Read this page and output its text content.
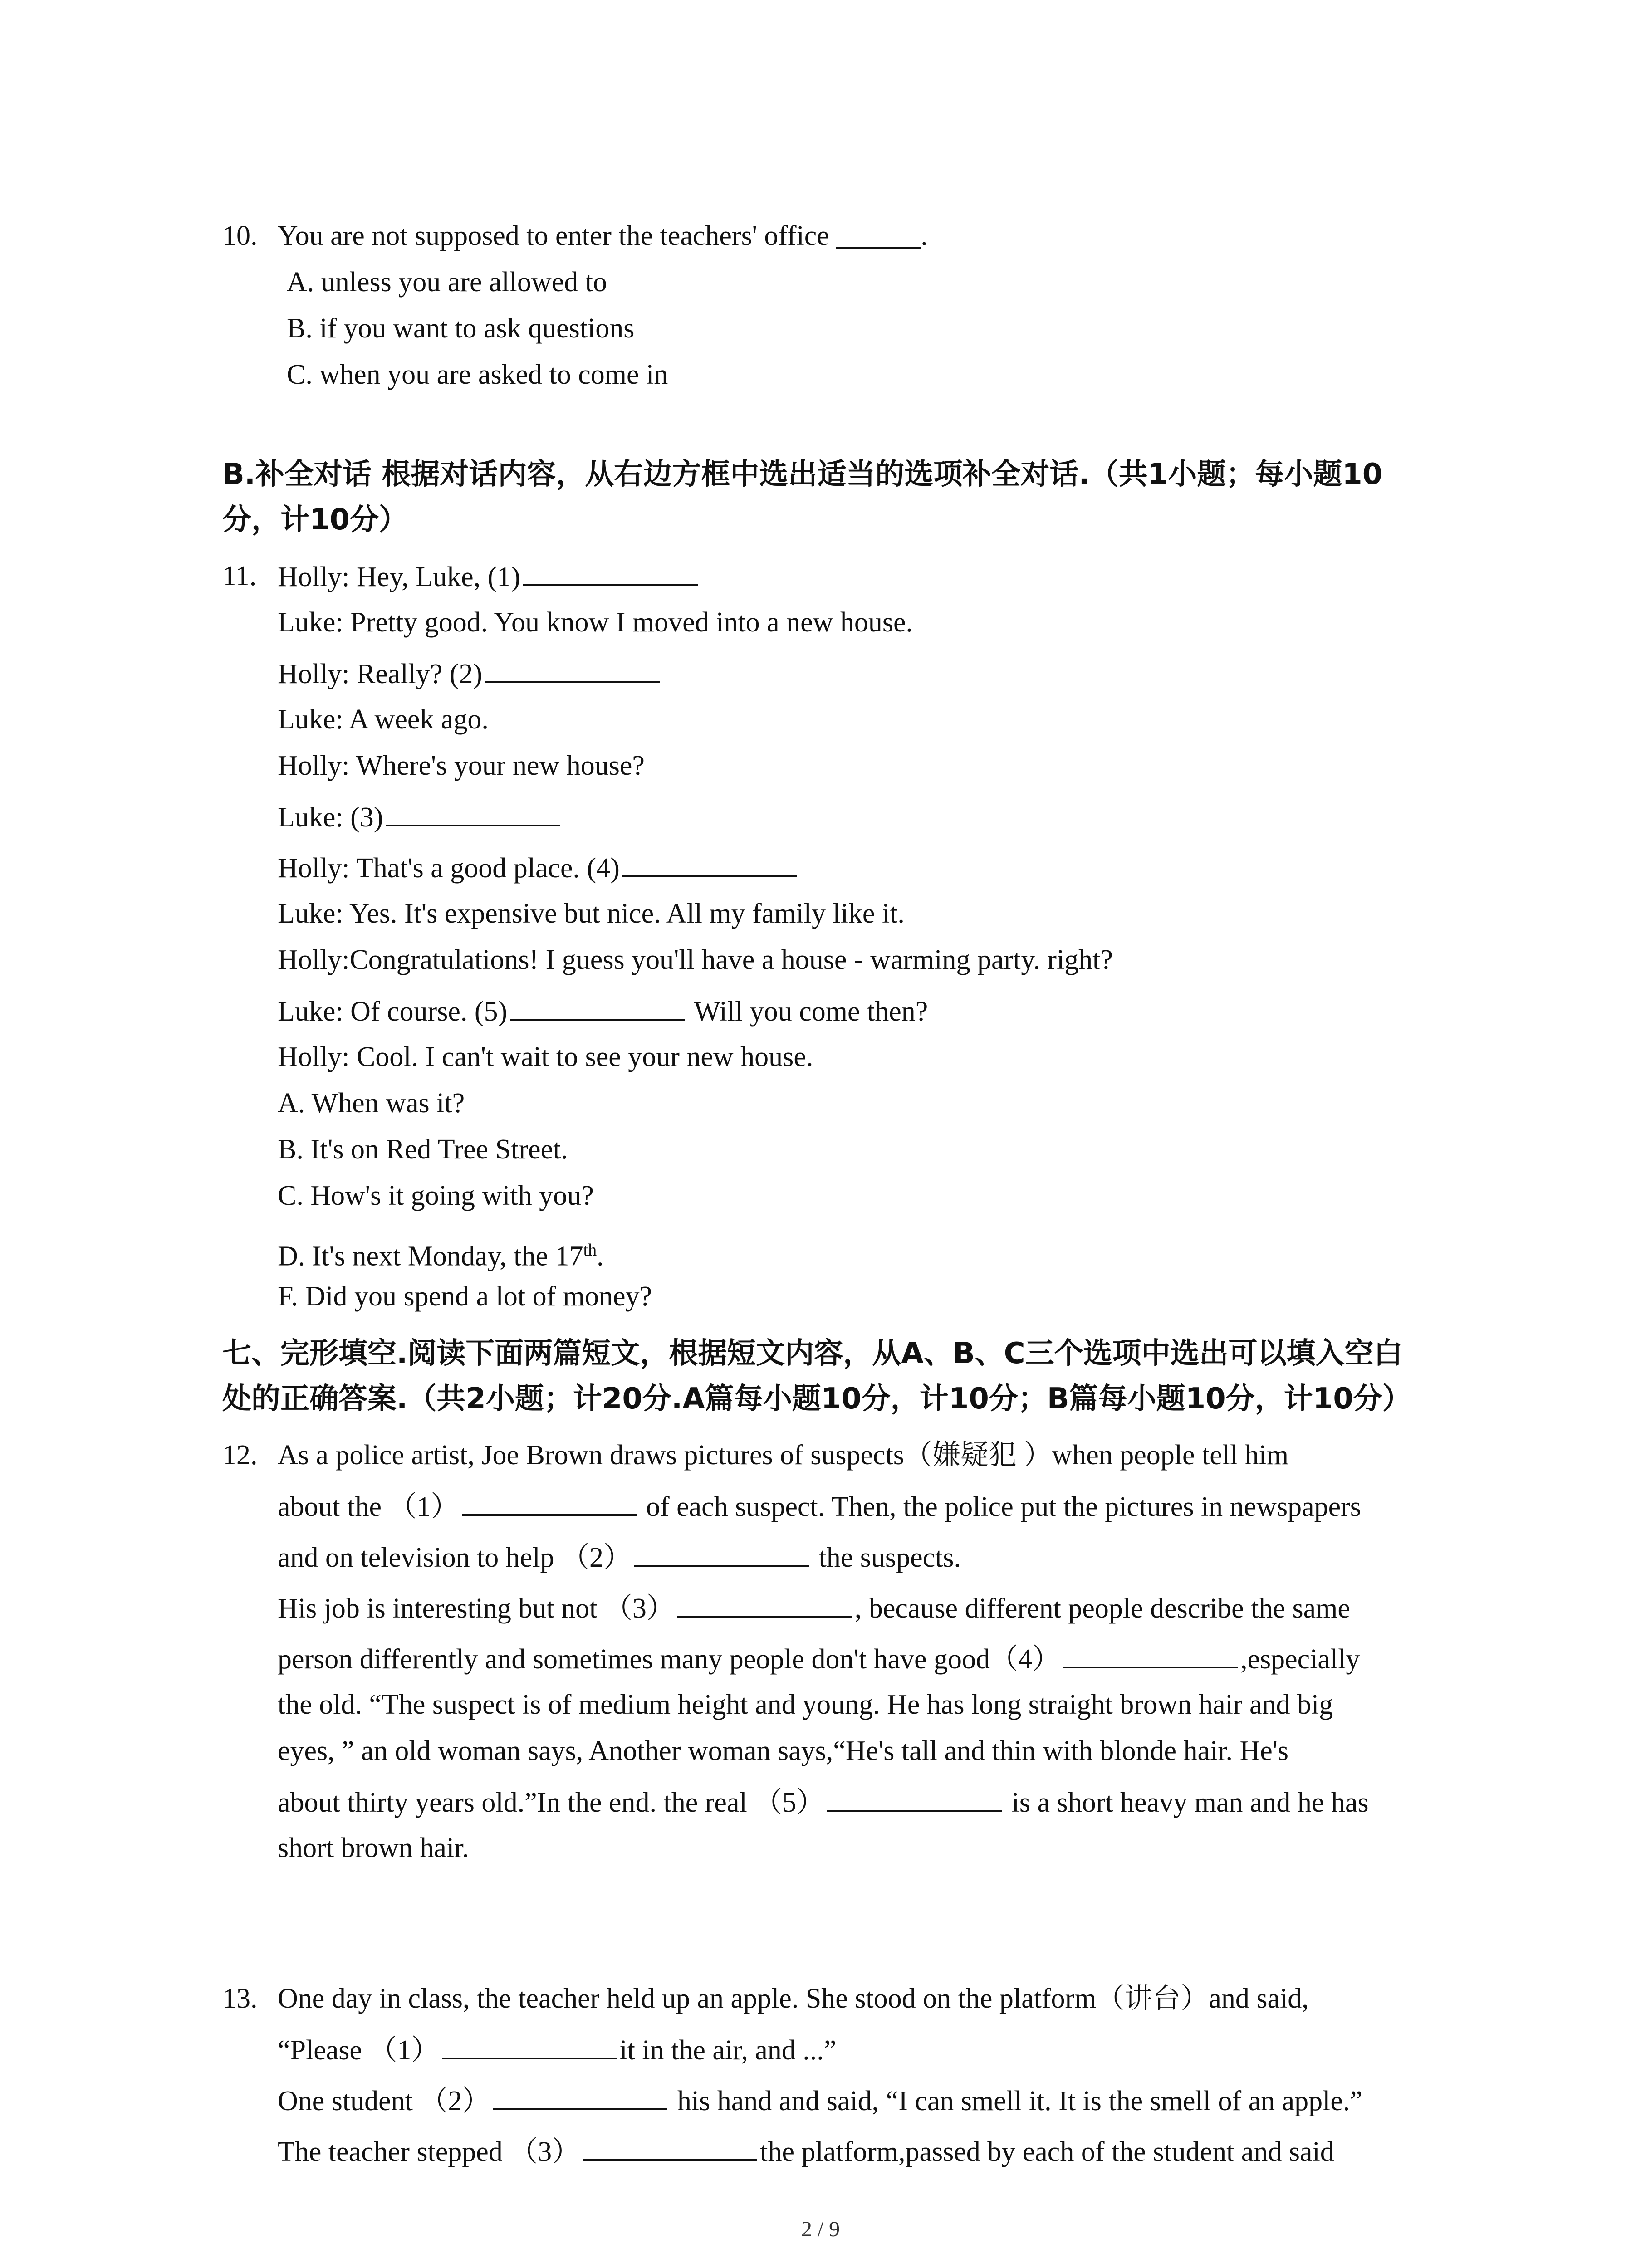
10. You are not supposed to enter the teachers' office ______.
A. unless you are allowed to
B. if you want to ask questions
C. when you are asked to come in
B.补全对话 根据对话内容，从右边方框中选出适当的选项补全对话.（共1小题；每小题10
分，计10分）
11. Holly: Hey, Luke, (1)
Luke: Pretty good. You know I moved into a new house.
Holly: Really? (2)
Luke: A week ago.
Holly: Where's your new house?
Luke: (3)
Holly: That's a good place. (4)
Luke: Yes. It's expensive but nice. All my family like it.
Holly:Congratulations! I guess you'll have a house - warming party. right?
Luke: Of course. (5)	Will you come then?
Holly: Cool. I can't wait to see your new house.
A. When was it?
B. It's on Red Tree Street.
C. How's it going with you?
D. It's next Monday, the 17th.
F. Did you spend a lot of money?
七、完形填空.阅读下面两篇短文，根据短文内容，从A、B、C三个选项中选出可以填入空白
处的正确答案.（共2小题；计20分.A篇每小题10分，计10分；B篇每小题10分，计10分）
12. As a police artist, Joe Brown draws pictures of suspects（嫌疑犯 ）when people tell him
about the （1）	of each suspect. Then, the police put the pictures in newspapers
and on television to help （2）	the suspects.
His job is interesting but not （3）	, because different people describe the same
person differently and sometimes many people don't have good（4）	,especially
the old. “The suspect is of medium height and young. He has long straight brown hair and big
eyes, ” an old woman says, Another woman says,“He's tall and thin with blonde hair. He's
about thirty years old.”In the end. the real （5）	is a short heavy man and he has
short brown hair.
13. One day in class, the teacher held up an apple. She stood on the platform（讲台）and said,
“Please （1）	it in the air, and ...”
One student （2）	his hand and said, “I can smell it. It is the smell of an apple.”
The teacher stepped （3）	the platform,passed by each of the student and said
2 / 9
